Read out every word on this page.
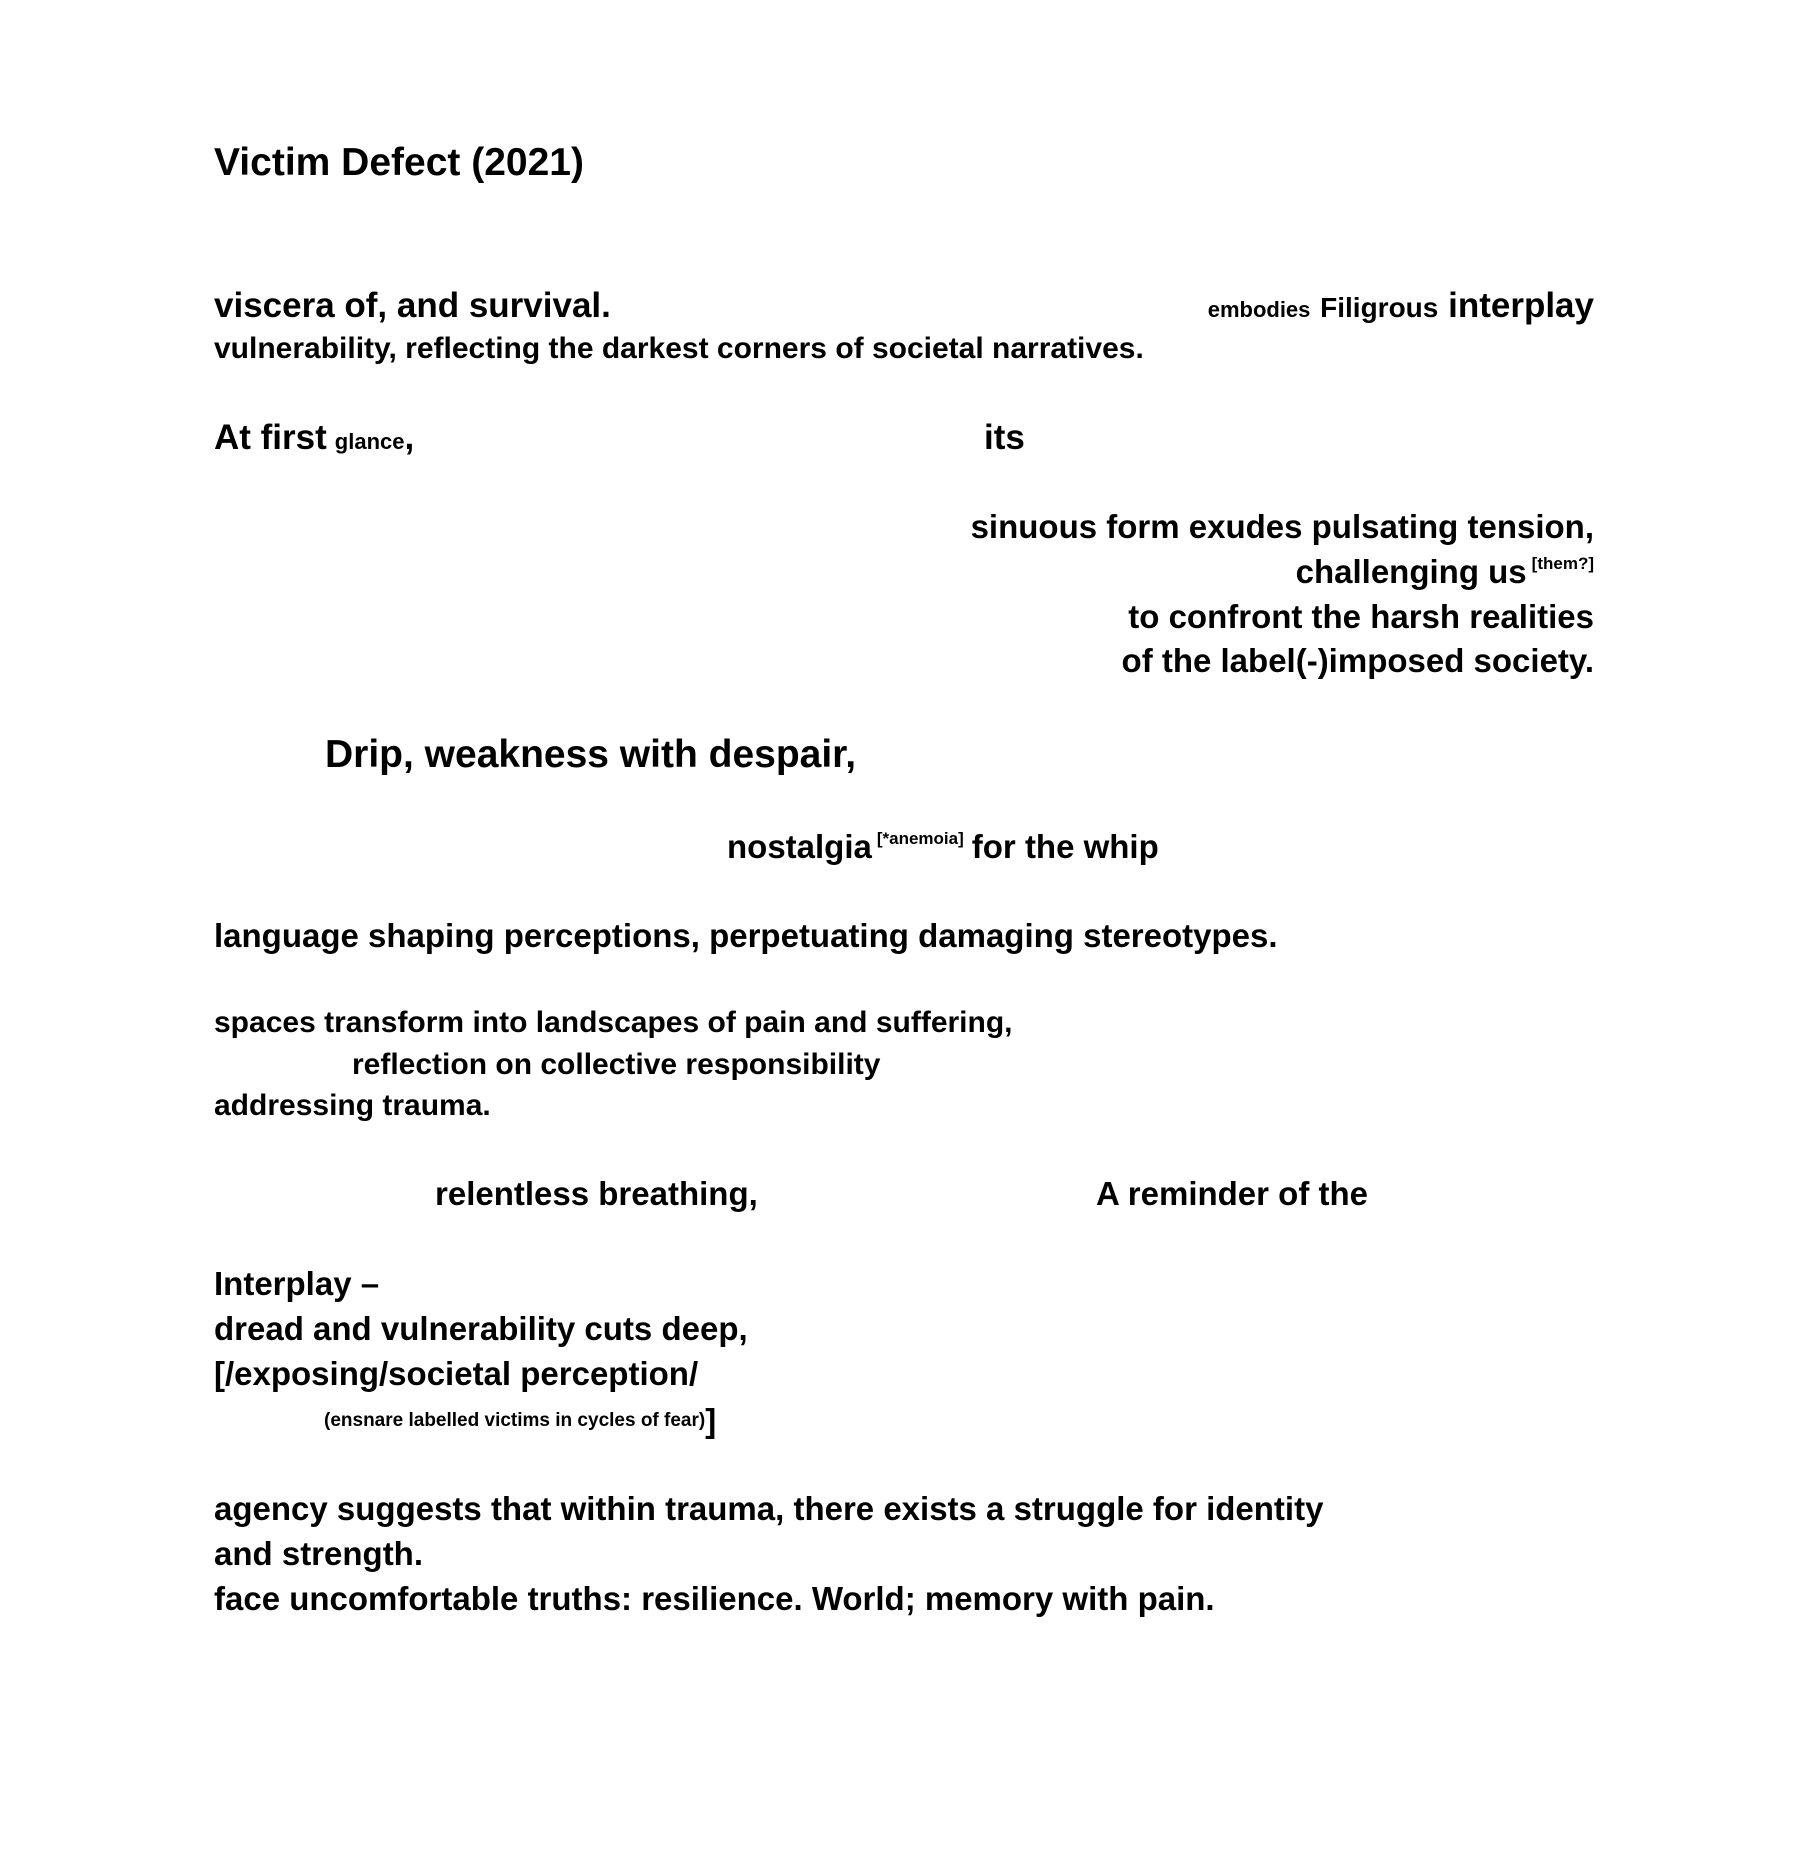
Victim Defect (2021)
viscera of, and survival.	embodies Filigrous interplay
vulnerability, reflecting the darkest corners of societal narratives.
At first glance,	its
sinuous form exudes pulsating tension,
challenging us [them?]
to confront the harsh realities
of the label(-)imposed society.
Drip, weakness with despair,
nostalgia [*anemoia] for the whip
language shaping perceptions, perpetuating damaging stereotypes.
spaces transform into landscapes of pain and suffering,
reflection on collective responsibility
addressing trauma.
relentless breathing,	A reminder of the
Interplay –
dread and vulnerability cuts deep,
[/exposing/societal perception/
(ensnare labelled victims in cycles of fear)]
agency suggests that within trauma, there exists a struggle for identity
and strength.
face uncomfortable truths: resilience. World; memory with pain.
